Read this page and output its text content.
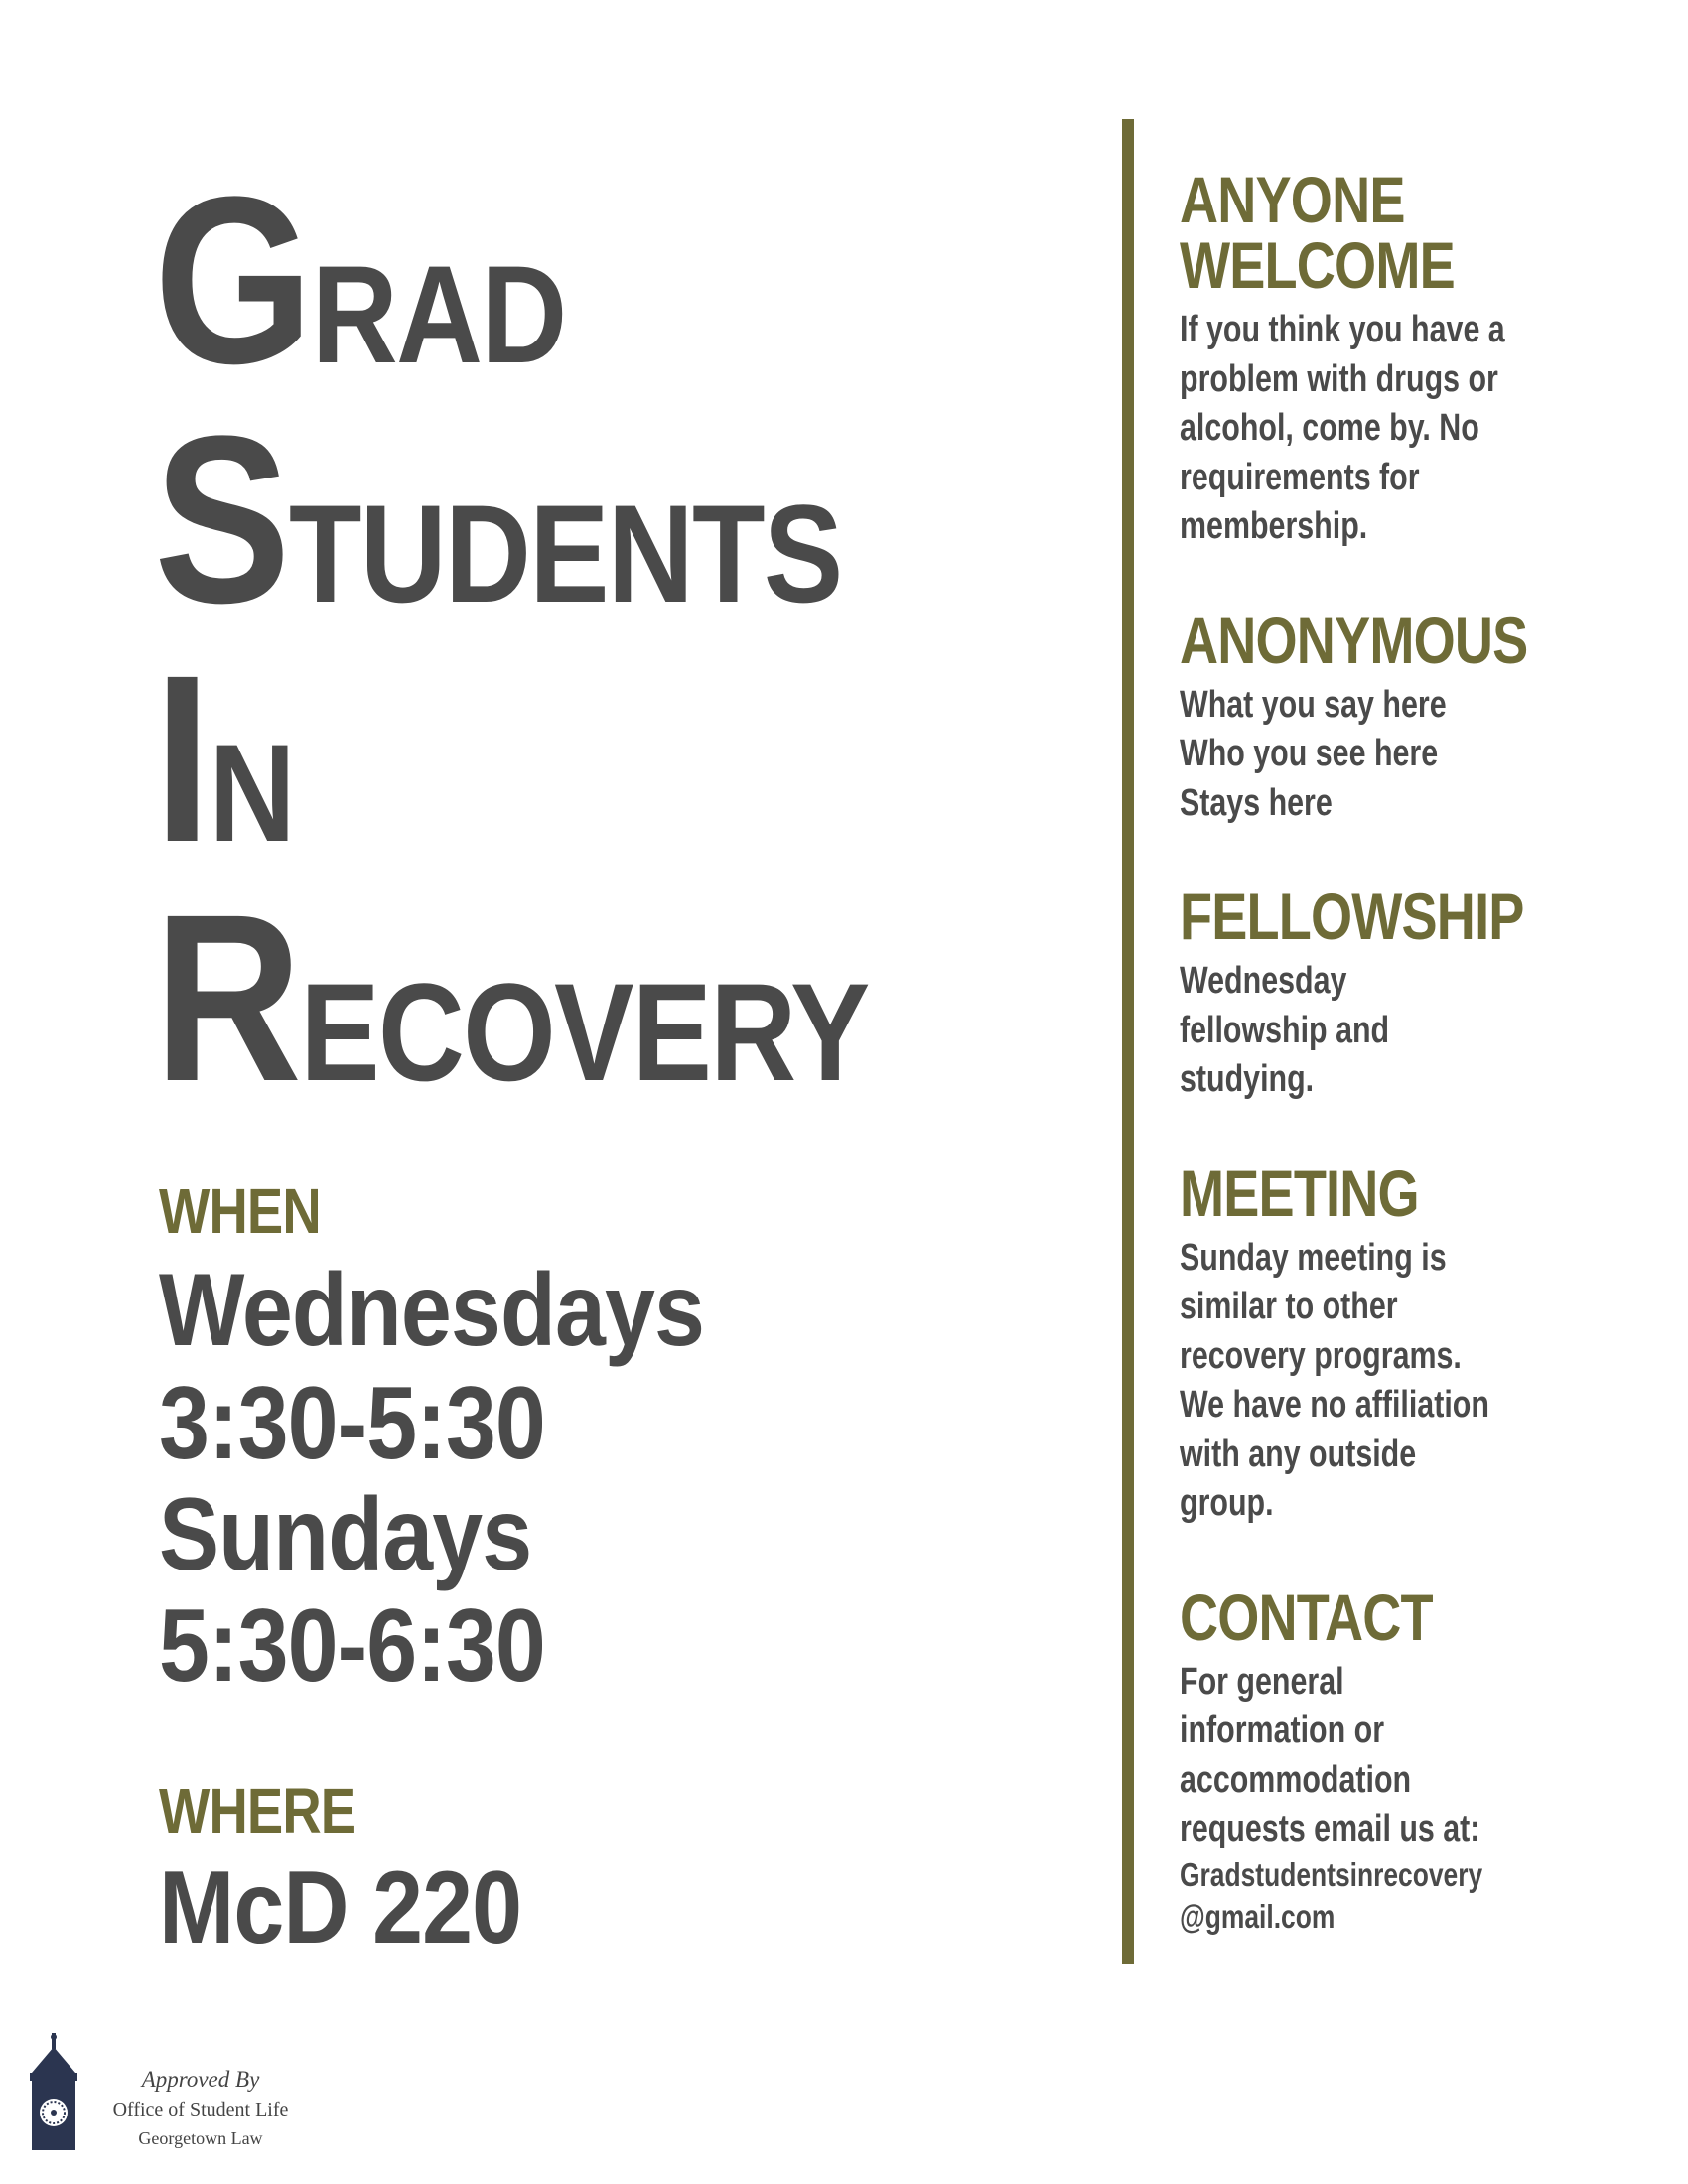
GRAD
STUDENTS
IN
RECOVERY
WHEN
Wednesdays
3:30-5:30
Sundays
5:30-6:30
WHERE
McD 220
ANYONE
WELCOME
If you think you have a
problem with drugs or
alcohol, come by. No
requirements for
membership.
ANONYMOUS
What you say here
Who you see here
Stays here
FELLOWSHIP
Wednesday
fellowship and
studying.
MEETING
Sunday meeting is
similar to other
recovery programs.
We have no affiliation
with any outside
group.
CONTACT
For general
information or
accommodation
requests email us at:
Gradstudentsinrecovery
@gmail.com
Approved By
Office of Student Life
Georgetown Law
